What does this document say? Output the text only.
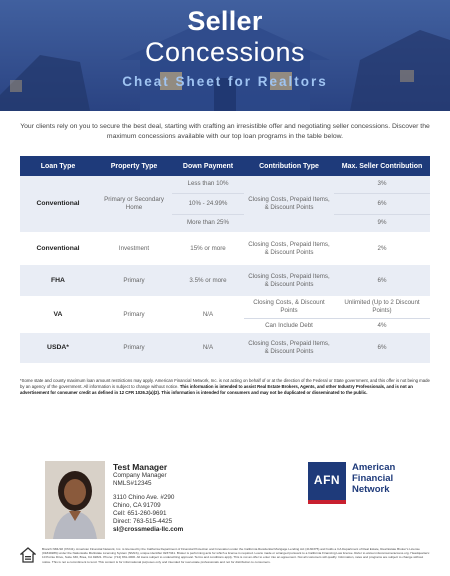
Seller
Concessions
Cheat Sheet for Realtors

Your clients rely on you to secure the best deal, starting with crafting an irresistible offer and negotiating seller concessions. Discover the maximum concessions available with our top loan programs in the table below.

Loan Type	Property Type	Down Payment	Contribution Type	Max. Seller Contribution
Conventional	Primary or Secondary Home	Less than 10%	Closing Costs, Prepaid Items, & Discount Points	3%
		10% - 24.99%		6%
		More than 25%		9%
Conventional	Investment	15% or more	Closing Costs, Prepaid Items, & Discount Points	2%
FHA	Primary	3.5% or more	Closing Costs, Prepaid Items, & Discount Points	6%
VA	Primary	N/A	Closing Costs, & Discount Points	Unlimited (Up to 2 Discount Points)
			Can Include Debt	4%
USDA*	Primary	N/A	Closing Costs, Prepaid Items, & Discount Points	6%

*Some state and county maximum loan amount restrictions may apply. American Financial Network, Inc. is not acting on behalf of or at the direction of the Federal or State government, and this offer is not being made by an agency of the government. All information is subject to change without notice. This information is intended to assist Real Estate Brokers, Agents, and other Industry Professionals, and is not an advertisement for consumer credit as defined in 12 CFR 1026.2(a)(2). This information is intended for consumers and may not be duplicated or disseminated to the public.

Test Manager
Company Manager
NMLS#12345
3110 Chino Ave. #290
Chino, CA 91709
Cell: 651-260-9691
Direct: 763-515-4425
sl@crossmedia-llc.com
AFN
American
Financial
Network

Branch NMLS# (37241). American Financial Network, Inc. is licensed by the California Department of Financial Protection and Innovation under the California Residential Mortgage Lending Act (4130375) and holds a CA Department of Real Estate, Real Estate Broker's License (01840286) under the Nationwide Multistate Licensing System (NMLS), unique identifier #237341. Broker is performing acts for which a license is required. Loans made or arranged pursuant to a California Financing Law license. Refer to www.nmlsconsumeraccess.org. Headquarters: 10 Pointe Drive, Suite 330, Brea, CA 92821. Phone: (714) 831-4000. All loans subject to underwriting approval. Terms and conditions apply. This is not an offer to enter into an agreement. Not all customers will qualify. Information, rates and programs are subject to change without notice. This is not a commitment to lend. This content is for informational purposes only and intended for real estate professionals and not for distribution to consumers.
